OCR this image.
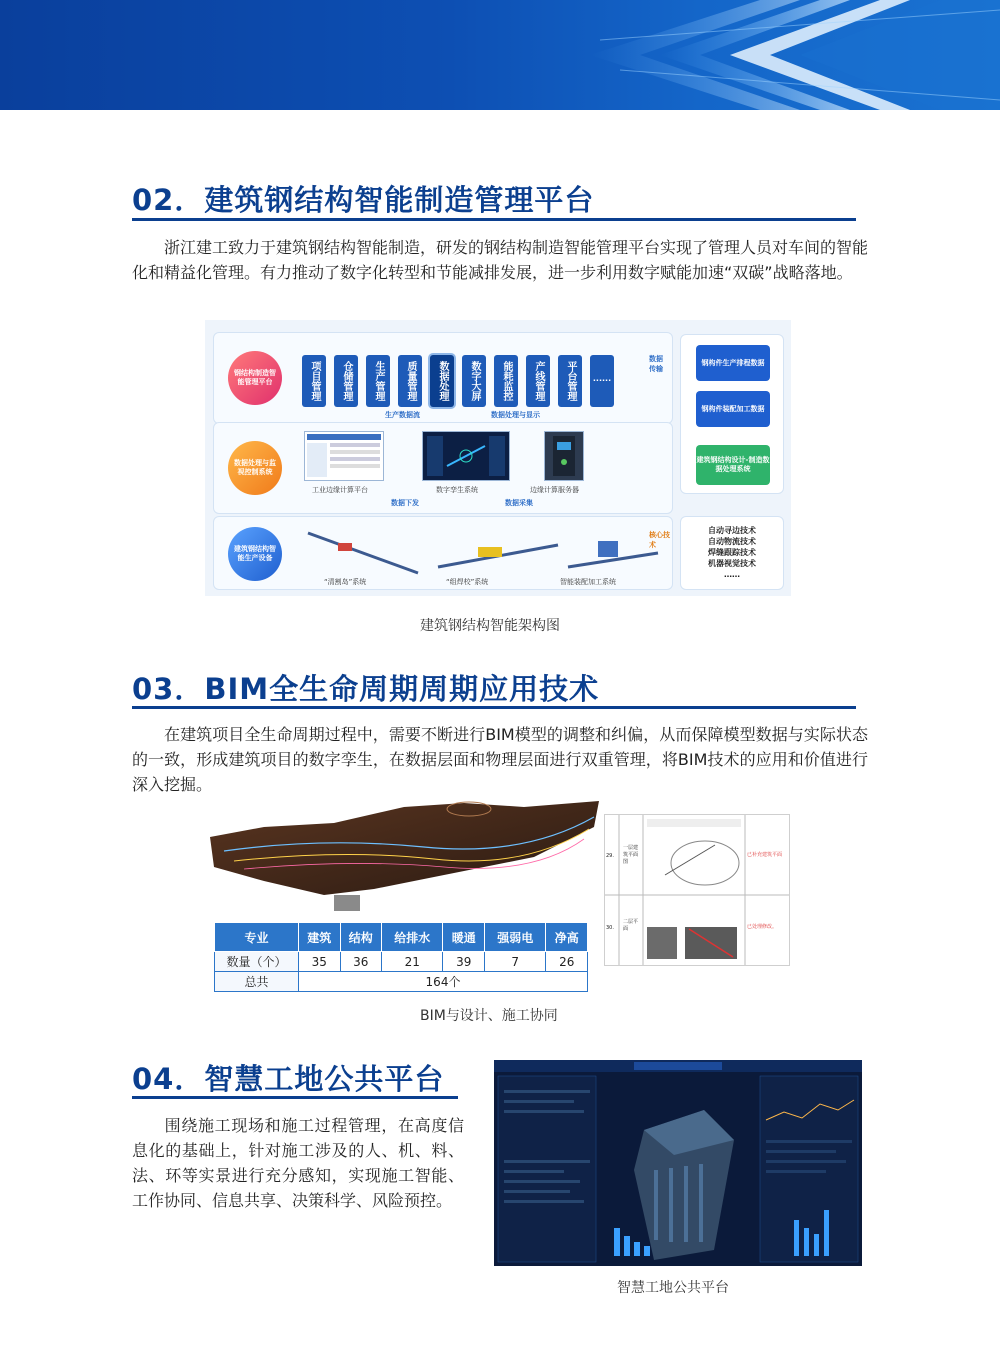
02．建筑钢结构智能制造管理平台
浙江建工致力于建筑钢结构智能制造，研发的钢结构制造智能管理平台实现了管理人员对车间的智能化和精益化管理。有力推动了数字化转型和节能减排发展，进一步利用数字赋能加速“双碳”战略落地。
钢结构制造智能管理平台	项目管理	仓储管理	生产管理	质量管理	数据处理	数字大屏	能耗监控	产线管理	平台管理	······
生产数据流	数据处理与显示
数据处理与监视控制系统
工业边缘计算平台	数字孪生系统	边缘计算服务器
数据下发	数据采集
建筑钢结构智能生产设备
“清割岛”系统	“组焊校”系统	智能装配加工系统
数据传输
钢构件生产排程数据
钢构件装配加工数据
建筑钢结构设计-制造数据处理系统
核心技术
自动寻边技术
自动物流技术
焊缝跟踪技术
机器视觉技术
……
建筑钢结构智能架构图
03．BIM全生命周期周期应用技术
在建筑项目全生命周期过程中，需要不断进行BIM模型的调整和纠偏，从而保障模型数据与实际状态的一致，形成建筑项目的数字孪生，在数据层面和物理层面进行双重管理，将BIM技术的应用和价值进行深入挖掘。
29.
一层建筑平面图
已补充建筑平面
30.
二层平面	已处理修改。
专业	建筑	结构	给排水	暖通	强弱电	净高
数量（个）	35	36	21	39	7	26
总共	164个					
BIM与设计、施工协同
04．智慧工地公共平台
围绕施工现场和施工过程管理，在高度信息化的基础上，针对施工涉及的人、机、料、法、环等实景进行充分感知，实现施工智能、工作协同、信息共享、决策科学、风险预控。
智慧工地公共平台
